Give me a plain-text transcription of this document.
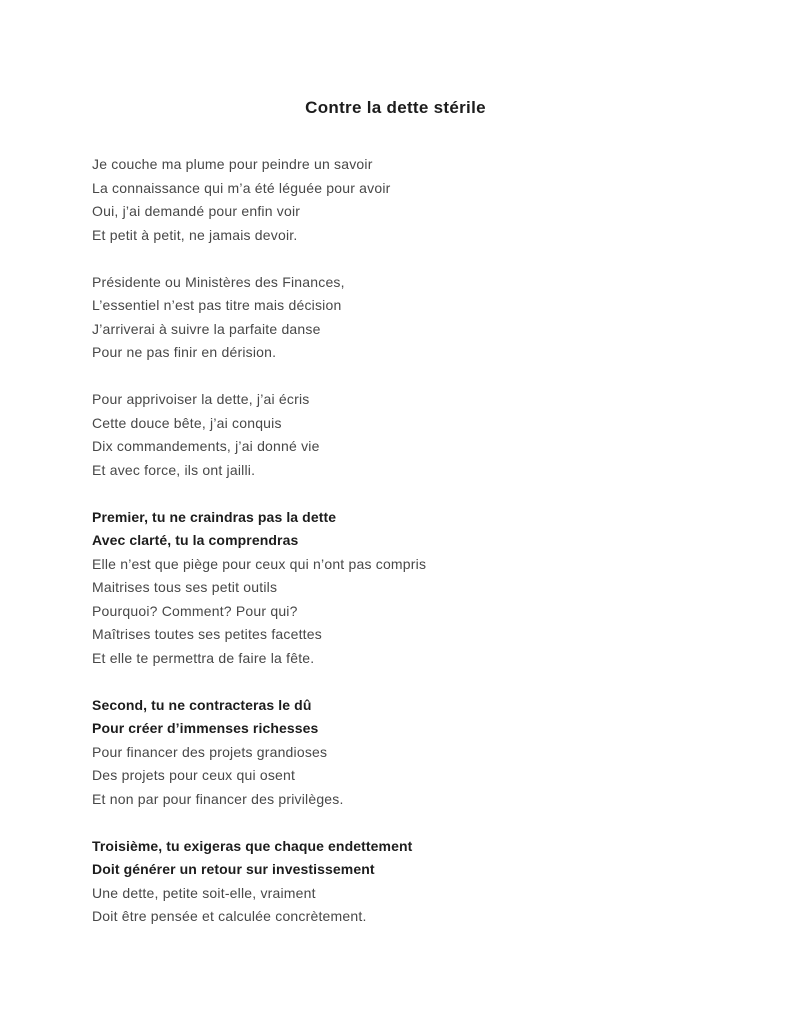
Contre la dette stérile

Je couche ma plume pour peindre un savoir

La connaissance qui m’a été léguée pour avoir

Oui, j’ai demandé pour enfin voir

Et petit à petit, ne jamais devoir.

Présidente ou Ministères des Finances,

L’essentiel n’est pas titre mais décision

J’arriverai à suivre la parfaite danse

Pour ne pas finir en dérision.

Pour apprivoiser la dette, j’ai écris

Cette douce bête, j’ai conquis

Dix commandements, j’ai donné vie

Et avec force, ils ont jailli.

Premier, tu ne craindras pas la dette

Avec clarté, tu la comprendras

Elle n’est que piège pour ceux qui n’ont pas compris

Maitrises tous ses petit outils

Pourquoi? Comment? Pour qui?

Maîtrises toutes ses petites facettes

Et elle te permettra de faire la fête.

Second, tu ne contracteras le dû

Pour créer d’immenses richesses

Pour financer des projets grandioses

Des projets pour ceux qui osent

Et non par pour financer des privilèges.

Troisième, tu exigeras que chaque endettement

Doit générer un retour sur investissement

Une dette, petite soit-elle, vraiment

Doit être pensée et calculée concrètement.
